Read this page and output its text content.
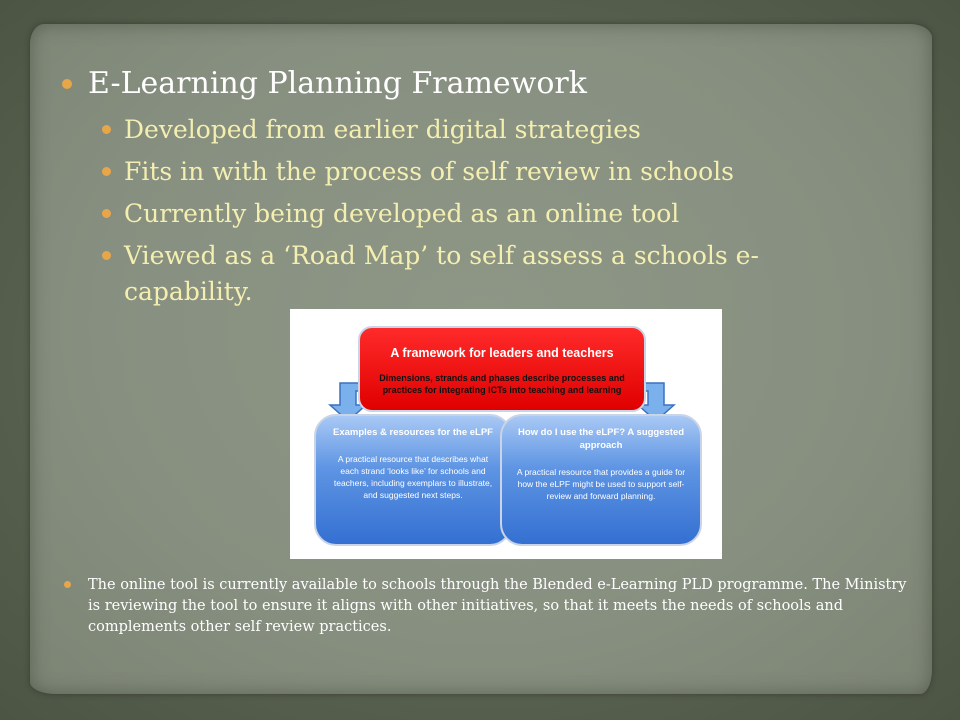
E-Learning Planning Framework
Developed from earlier digital strategies
Fits in with the process of self review in schools
Currently being developed as an online tool
Viewed as a ‘Road Map’ to self assess a schools e-capability.
Examples & resources for the eLPF
A practical resource that describes what each strand ‘looks like’ for schools and teachers, including exemplars to illustrate, and suggested next steps.
How do I use the eLPF? A suggested approach
A practical resource that provides a guide for how the eLPF might be used to support self-review and forward planning.
A framework for leaders and teachers
Dimensions, strands and phases describe processes and practices for integrating ICTs into teaching and learning
The online tool is currently available to schools through the Blended e-Learning PLD programme. The Ministry is reviewing the tool to ensure it aligns with other initiatives, so that it meets the needs of schools and complements other self review practices.
